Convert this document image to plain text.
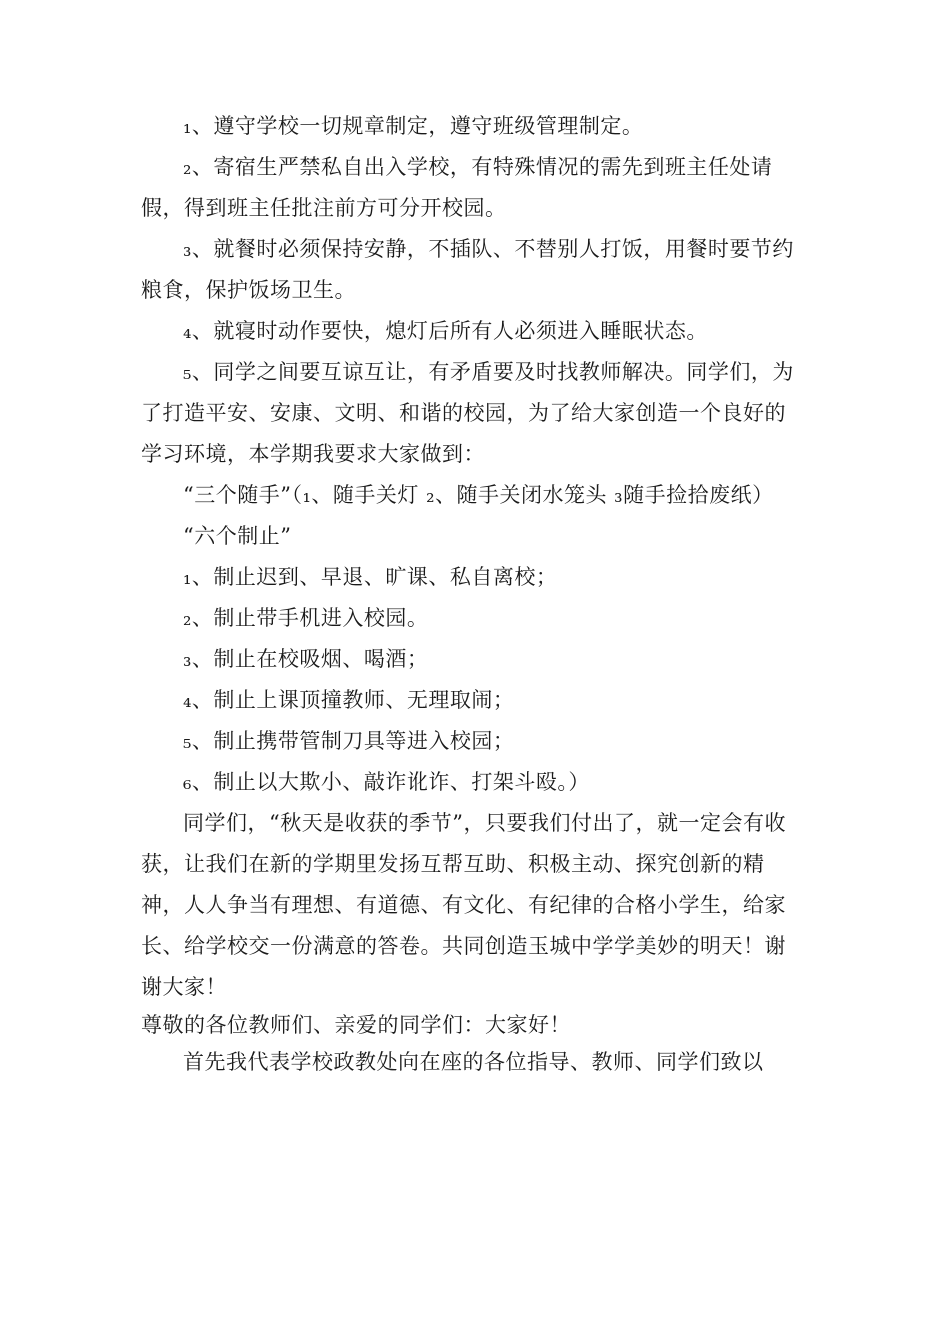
₁、遵守学校一切规章制定，遵守班级管理制定。

₂、寄宿生严禁私自出入学校，有特殊情况的需先到班主任处请假，得到班主任批注前方可分开校园。

₃、就餐时必须保持安静，不插队、不替别人打饭，用餐时要节约粮食，保护饭场卫生。

₄、就寝时动作要快，熄灯后所有人必须进入睡眠状态。

₅、同学之间要互谅互让，有矛盾要及时找教师解决。同学们，为了打造平安、安康、文明、和谐的校园，为了给大家创造一个良好的学习环境，本学期我要求大家做到：

“三个随手”（₁、随手关灯 ₂、随手关闭水笼头 ₃随手捡拾废纸）

“六个制止”

₁、制止迟到、早退、旷课、私自离校；

₂、制止带手机进入校园。

₃、制止在校吸烟、喝酒；

₄、制止上课顶撞教师、无理取闹；

₅、制止携带管制刀具等进入校园；

₆、制止以大欺小、敲诈讹诈、打架斗殴。）

同学们，“秋天是收获的季节”，只要我们付出了，就一定会有收获，让我们在新的学期里发扬互帮互助、积极主动、探究创新的精神，人人争当有理想、有道德、有文化、有纪律的合格小学生，给家长、给学校交一份满意的答卷。共同创造玉城中学学美妙的明天！谢谢大家！

尊敬的各位教师们、亲爱的同学们：大家好！

首先我代表学校政教处向在座的各位指导、教师、同学们致以
